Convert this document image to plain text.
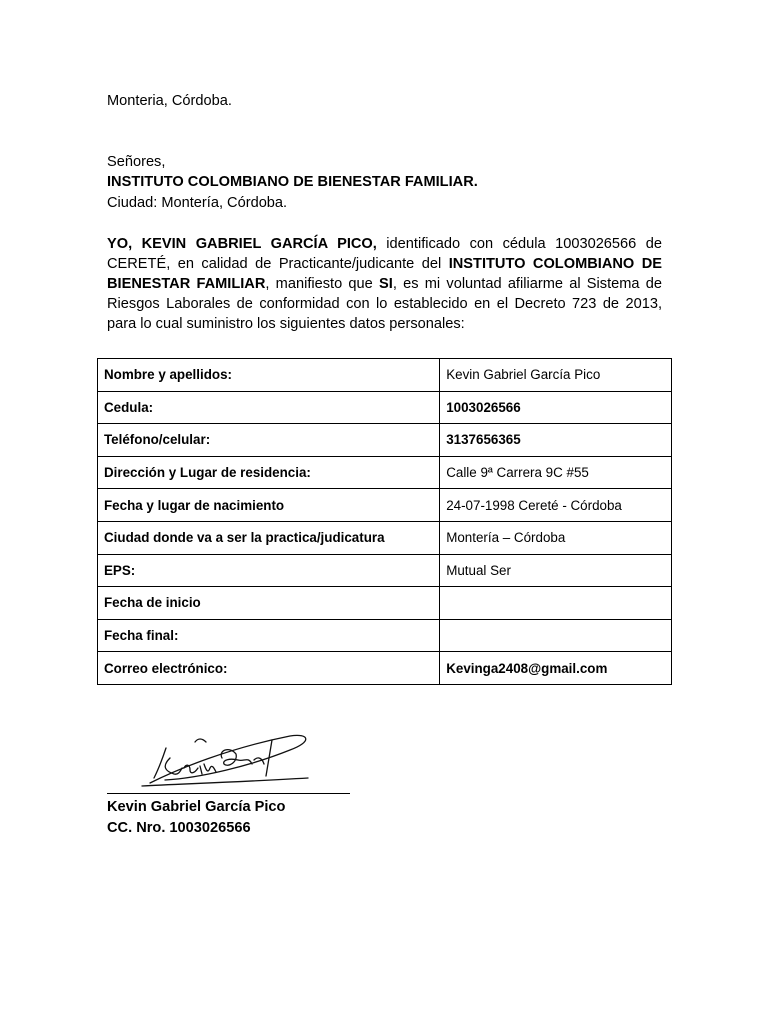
Monteria, Córdoba.
Señores,
INSTITUTO COLOMBIANO DE BIENESTAR FAMILIAR.
Ciudad: Montería, Córdoba.
YO, KEVIN GABRIEL GARCÍA PICO, identificado con cédula 1003026566 de
CERETÉ, en calidad de Practicante/judicante del INSTITUTO COLOMBIANO DE
BIENESTAR FAMILIAR, manifiesto que SI, es mi voluntad afiliarme al Sistema de
Riesgos Laborales de conformidad con lo establecido en el Decreto 723 de 2013,
para lo cual suministro los siguientes datos personales:
Nombre y apellidos:	Kevin Gabriel García Pico
Cedula:	1003026566
Teléfono/celular:	3137656365
Dirección y Lugar de residencia:	Calle 9ª Carrera 9C #55
Fecha y lugar de nacimiento	24-07-1998 Cereté - Córdoba
Ciudad donde va a ser la practica/judicatura	Montería – Córdoba
EPS:	Mutual Ser
Fecha de inicio	
Fecha final:	
Correo electrónico:	Kevinga2408@gmail.com
Kevin Gabriel García Pico
CC. Nro. 1003026566
